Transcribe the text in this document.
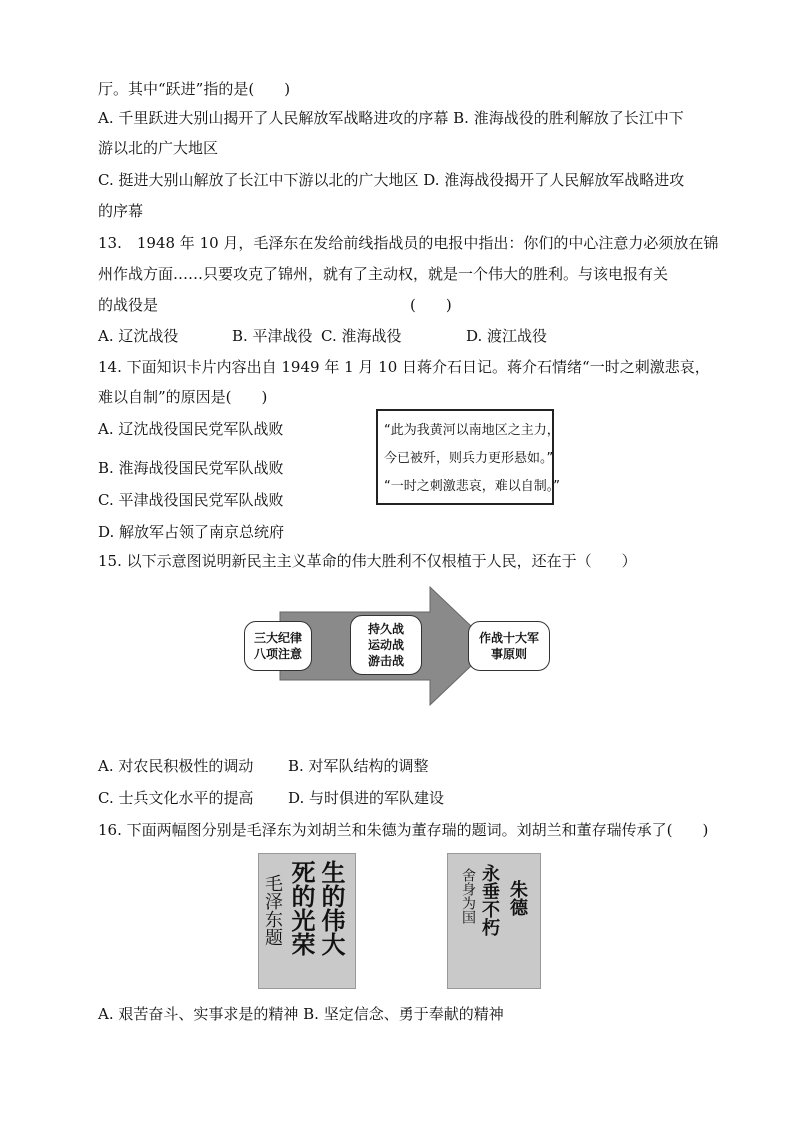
厅。其中“跃进”指的是(　　)
A. 千里跃进大别山揭开了人民解放军战略进攻的序幕 B. 淮海战役的胜利解放了长江中下
游以北的广大地区
C. 挺进大别山解放了长江中下游以北的广大地区 D. 淮海战役揭开了人民解放军战略进攻
的序幕
13.　1948 年 10 月，毛泽东在发给前线指战员的电报中指出：你们的中心注意力必须放在锦
州作战方面……只要攻克了锦州，就有了主动权，就是一个伟大的胜利。与该电报有关
的战役是	(　　)
A. 辽沈战役	B. 平津战役 C. 淮海战役	D. 渡江战役
14. 下面知识卡片内容出自 1949 年 1 月 10 日蒋介石日记。蒋介石情绪“一时之刺激悲哀，
难以自制”的原因是(　　)
A. 辽沈战役国民党军队战败
B. 淮海战役国民党军队战败
C. 平津战役国民党军队战败
D. 解放军占领了南京总统府
“此为我黄河以南地区之主力，
今已被歼，则兵力更形悬如。”
“一时之刺激悲哀，难以自制。”
15. 以下示意图说明新民主主义革命的伟大胜利不仅根植于人民，还在于（　　）
三大纪律
八项注意
持久战
运动战
游击战
作战十大军
事原则
A. 对农民积极性的调动 B. 对军队结构的调整
C. 士兵文化水平的提高 D. 与时俱进的军队建设
16. 下面两幅图分别是毛泽东为刘胡兰和朱德为董存瑞的题词。刘胡兰和董存瑞传承了(　　)
生的伟大
死的光荣
毛泽东题	永垂不朽
舍身为国 朱德
A. 艰苦奋斗、实事求是的精神 B. 坚定信念、勇于奉献的精神
